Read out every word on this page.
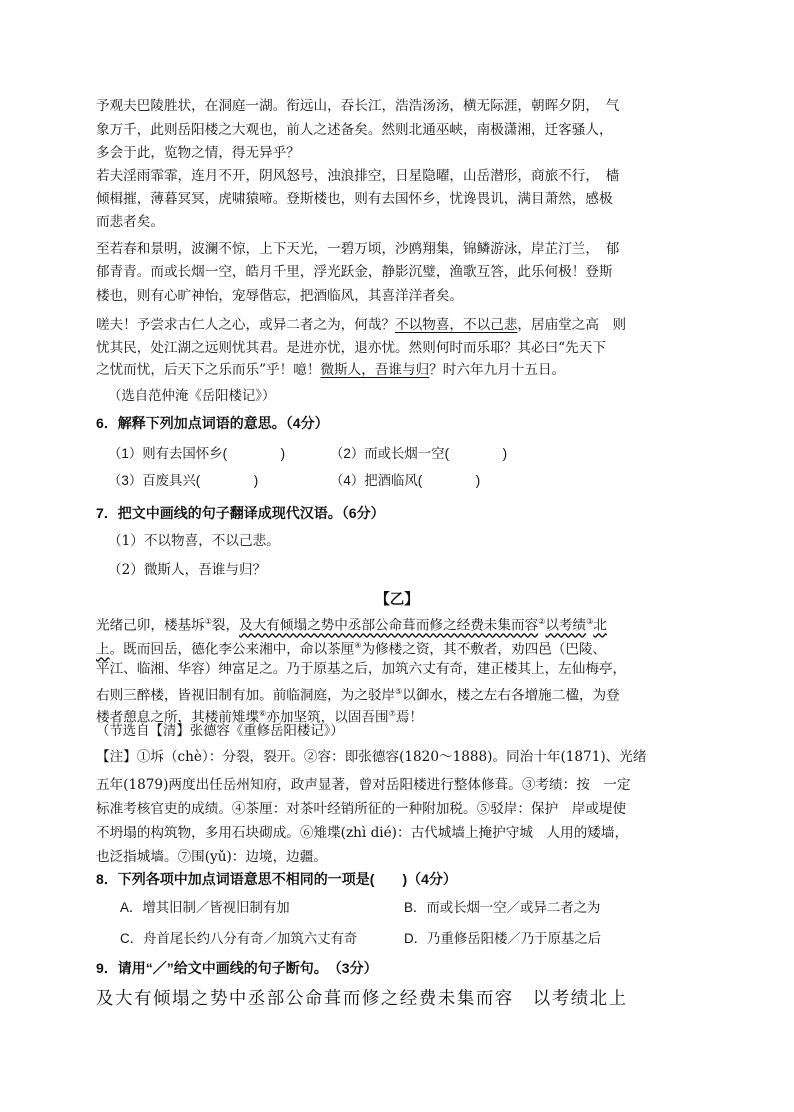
予观夫巴陵胜状，在洞庭一湖。衔远山，吞长江，浩浩汤汤，横无际涯，朝晖夕阴，　气
象万千，此则岳阳楼之大观也，前人之述备矣。然则北通巫峡，南极潇湘，迁客骚人，
多会于此，览物之情，得无异乎？
若夫淫雨霏霏，连月不开，阴风怒号，浊浪排空，日星隐曜，山岳潜形，商旅不行，　樯
倾楫摧，薄暮冥冥，虎啸猿啼。登斯楼也，则有去国怀乡，忧谗畏讥，满目萧然，感极
而悲者矣。
至若春和景明，波澜不惊，上下天光，一碧万顷，沙鸥翔集，锦鳞游泳，岸芷汀兰，　郁
郁青青。而或长烟一空，皓月千里，浮光跃金，静影沉璧，渔歌互答，此乐何极！登斯
楼也，则有心旷神怡，宠辱偕忘，把酒临风，其喜洋洋者矣。
嗟夫！予尝求古仁人之心，或异二者之为，何哉？不以物喜，不以己悲，居庙堂之高　则
忧其民，处江湖之远则忧其君。是进亦忧，退亦忧。然则何时而乐耶？其必曰“先天下
之忧而忧，后天下之乐而乐”乎！噫！微斯人，吾谁与归？时六年九月十五日。
（选自范仲淹《岳阳楼记》）
6．解释下列加点词语的意思。（4分）
（1）则有去国怀乡(　　　　)	（2）而或长烟一空(　　　　)
（3）百废具兴(　　　　)	（4）把酒临风(　　　　)
7．把文中画线的句子翻译成现代汉语。（6分）
（1）不以物喜，不以己悲。
（2）微斯人，吾谁与归？
【乙】
光绪己卯，楼基坼①裂，及大有倾塌之势中丞部公命葺而修之经费未集而容②以考绩③北
上。既而回岳，德化李公来湘中，命以茶厘④为修楼之资，其不敷者，劝四邑（巴陵、
平江、临湘、华容）绅富足之。乃于原基之后，加筑六丈有奇，建正楼其上，左仙梅亭，
右则三醉楼，皆视旧制有加。前临洞庭，为之驳岸⑤以御水，楼之左右各增施二楹，为登
楼者憩息之所，其楼前雉堞⑥亦加坚筑，以固吾围⑦焉！
（节选自【清】张德容《重修岳阳楼记》）
【注】①坼（chè）：分裂，裂开。②容：即张德容(1820～1888)。同治十年(1871)、光绪
五年(1879)两度出任岳州知府，政声显著，曾对岳阳楼进行整体修葺。③考绩：按　一定
标准考核官吏的成绩。④茶厘：对茶叶经销所征的一种附加税。⑤驳岸：保护　岸或堤使
不坍塌的构筑物，多用石块砌成。⑥雉堞(zhì dié)：古代城墙上掩护守城　人用的矮墙，
也泛指城墙。⑦围(yǔ)：边境，边疆。
8．下列各项中加点词语意思不相同的一项是(　　)（4分）
A．增其旧制／皆视旧制有加	B．而或长烟一空／或异二者之为
C．舟首尾长约八分有奇／加筑六丈有奇	D．乃重修岳阳楼／乃于原基之后
9．请用“／”给文中画线的句子断句。　（3分）
及大有倾塌之势中丞部公命葺而修之经费未集而容　以考绩北上
